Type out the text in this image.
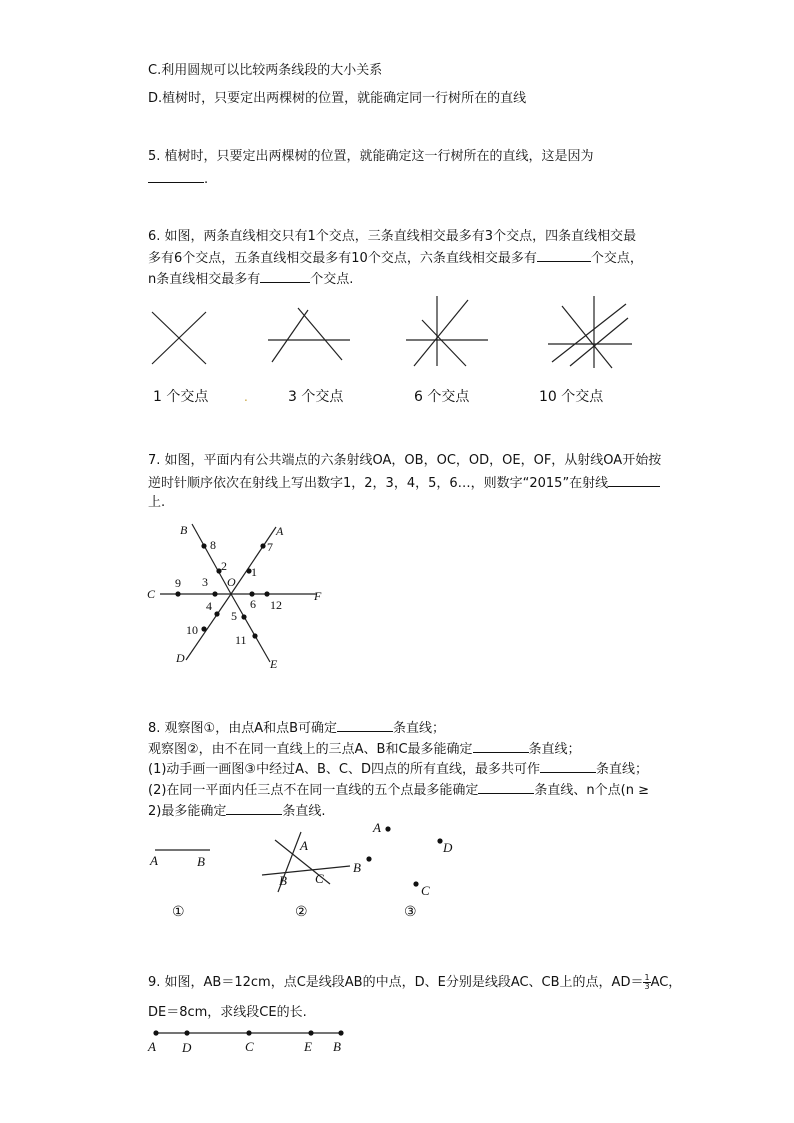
C.利用圆规可以比较两条线段的大小关系
D.植树时，只要定出两棵树的位置，就能确定同一行树所在的直线
5. 植树时，只要定出两棵树的位置，就能确定这一行树所在的直线，这是因为
.
6. 如图，两条直线相交只有1个交点，三条直线相交最多有3个交点，四条直线相交最
多有6个交点，五条直线相交最多有10个交点，六条直线相交最多有	个交点，
n条直线相交最多有	个交点.
1 个交点	.	3 个交点	6 个交点	10 个交点
7. 如图，平面内有公共端点的六条射线OA，OB，OC，OD，OE，OF，从射线OA开始按
逆时针顺序依次在射线上写出数字1，2，3，4，5，6…，则数字“2015”在射线
上.
A
B
C
D	E
F
O
1
2
3
4
5
6
7
8
9
10
11
12
8. 观察图①，由点A和点B可确定	条直线；
观察图②，由不在同一直线上的三点A、B和C最多能确定	条直线；
(1)动手画一画图③中经过A、B、C、D四点的所有直线，最多共可作	条直线；
(2)在同一平面内任三点不在同一直线的五个点最多能确定	条直线、n个点(n ≥
2)最多能确定	条直线.
A	B
A
B C
A
B
C
D
①	②	③
9. 如图，AB＝12cm，点C是线段AB的中点，D、E分别是线段AC、CB上的点，$AD= \frac{1}{3}$ AC，
DE＝8cm，求线段CE的长.
A D	C	E B
